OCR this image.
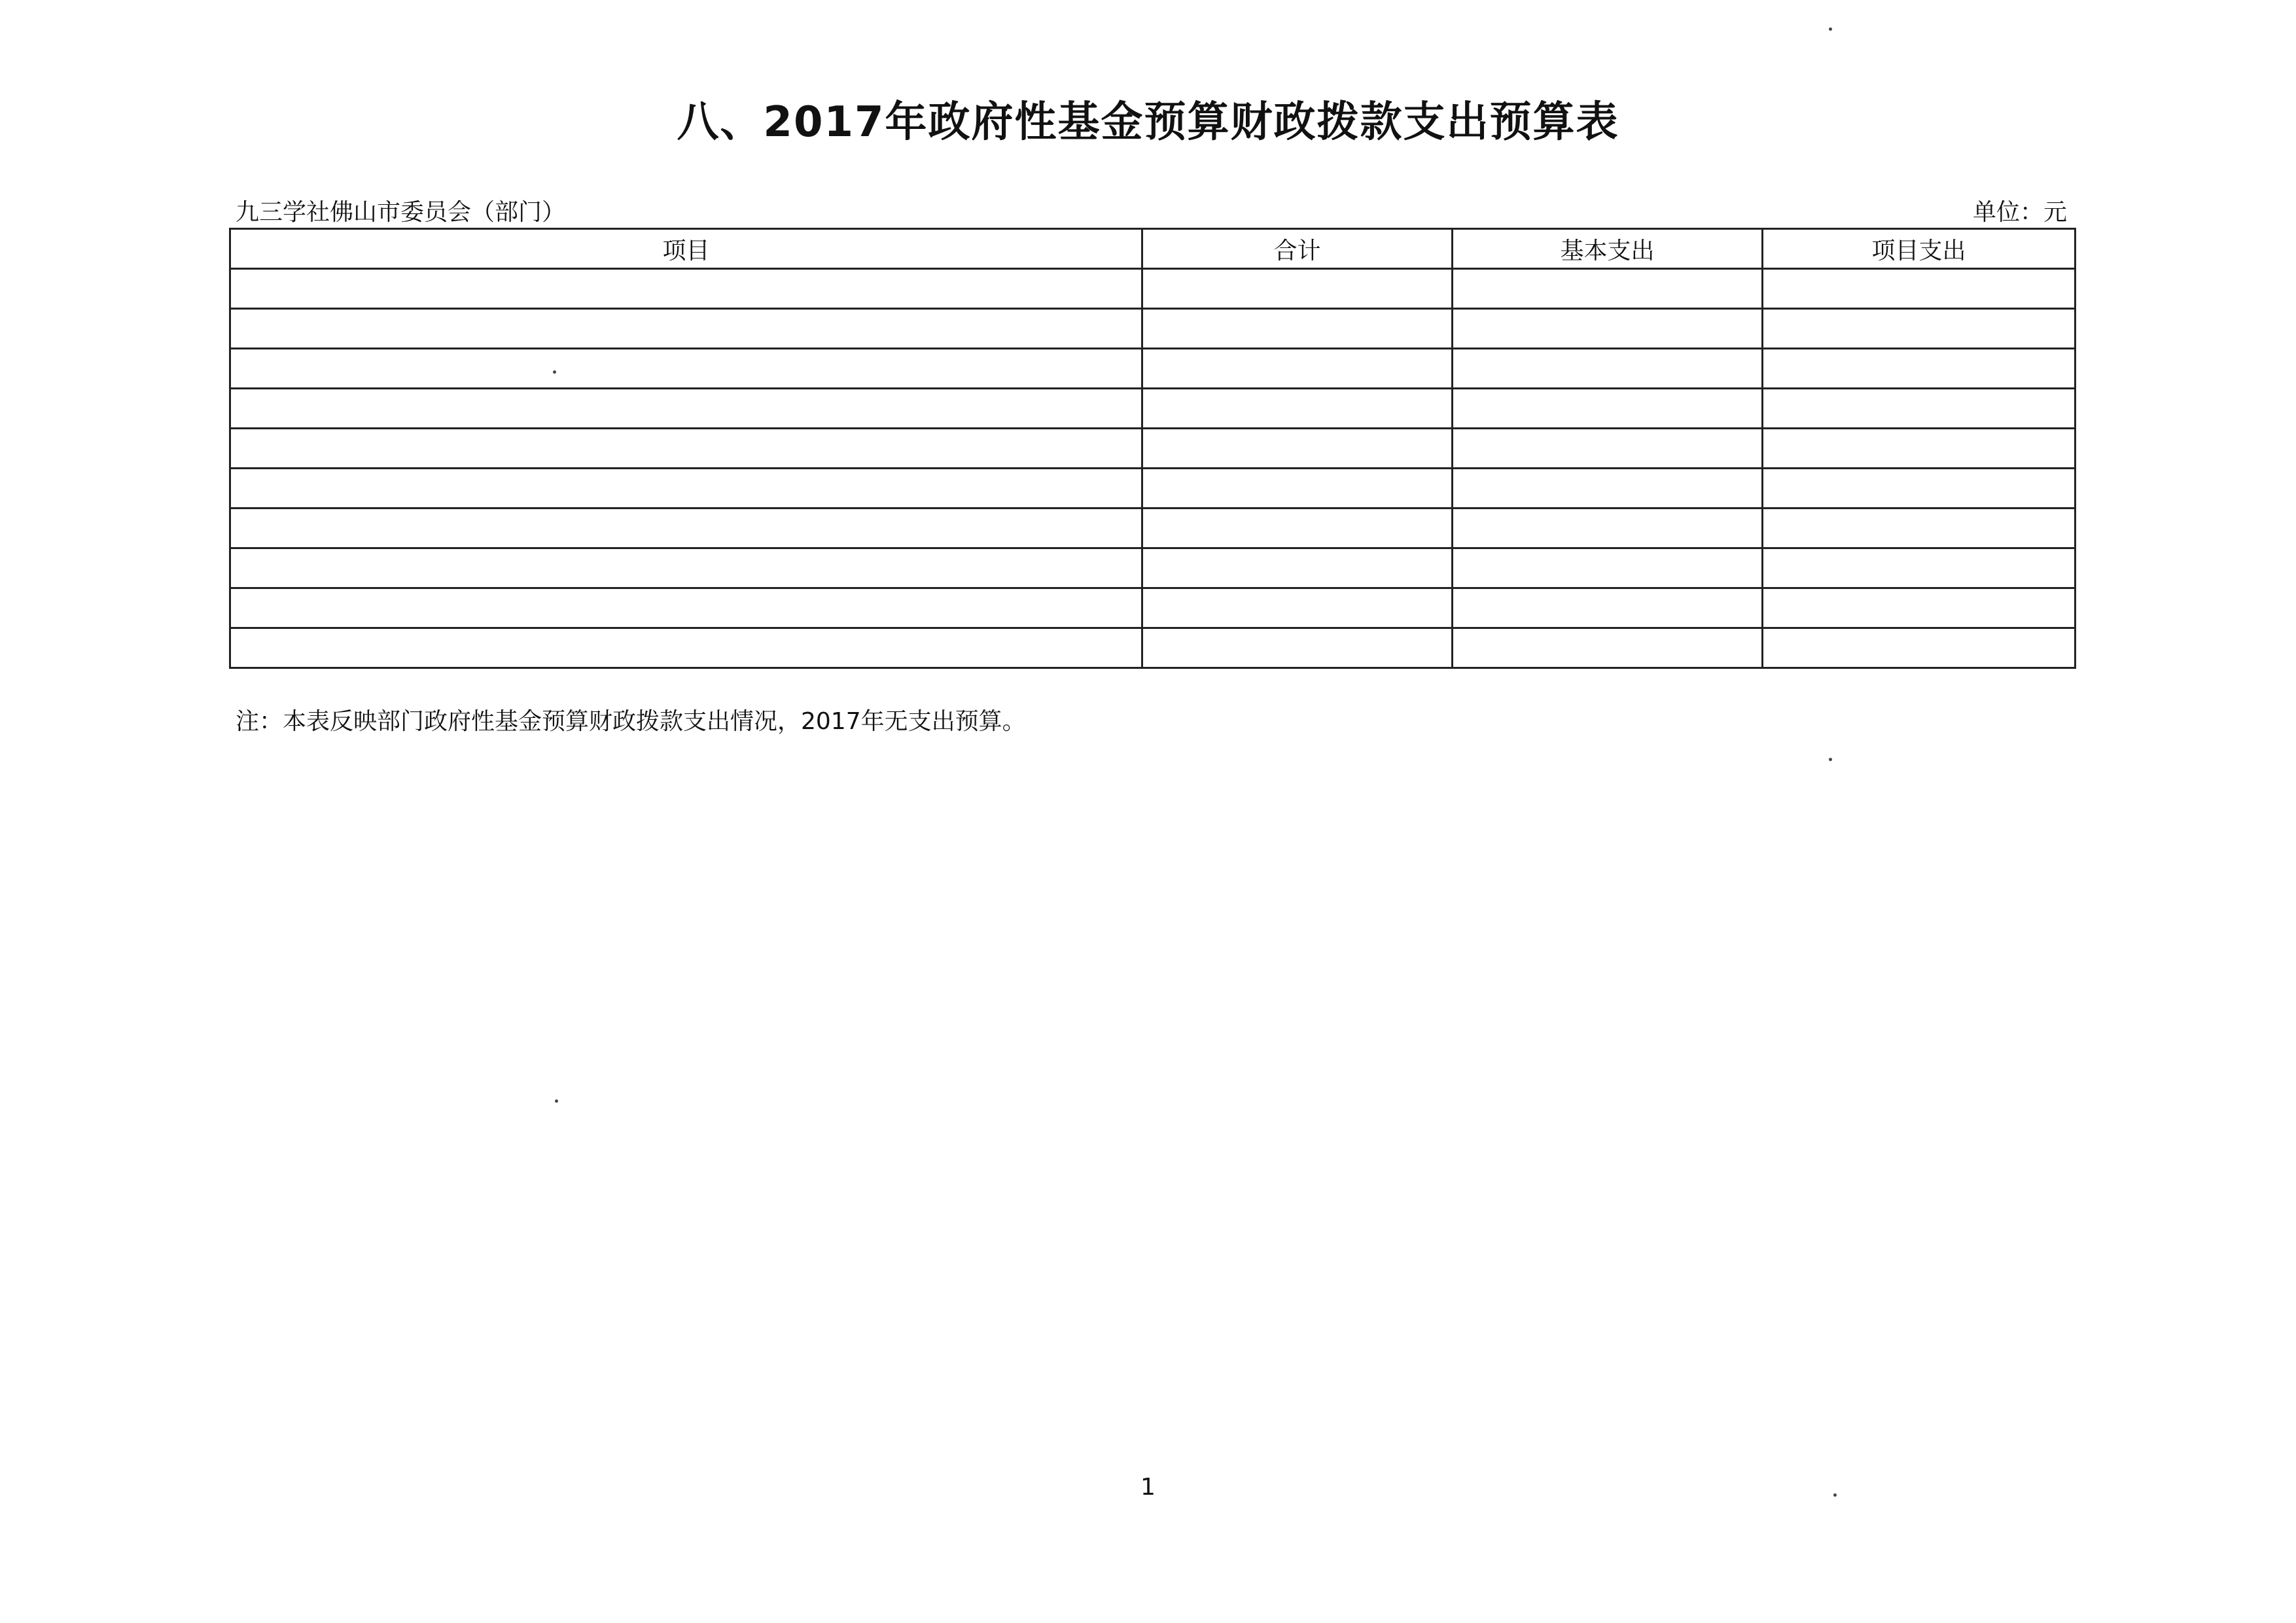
八、2017年政府性基金预算财政拨款支出预算表
九三学社佛山市委员会（部门）	单位：元
项目	合计	基本支出	项目支出

注：本表反映部门政府性基金预算财政拨款支出情况，2017年无支出预算。
1
